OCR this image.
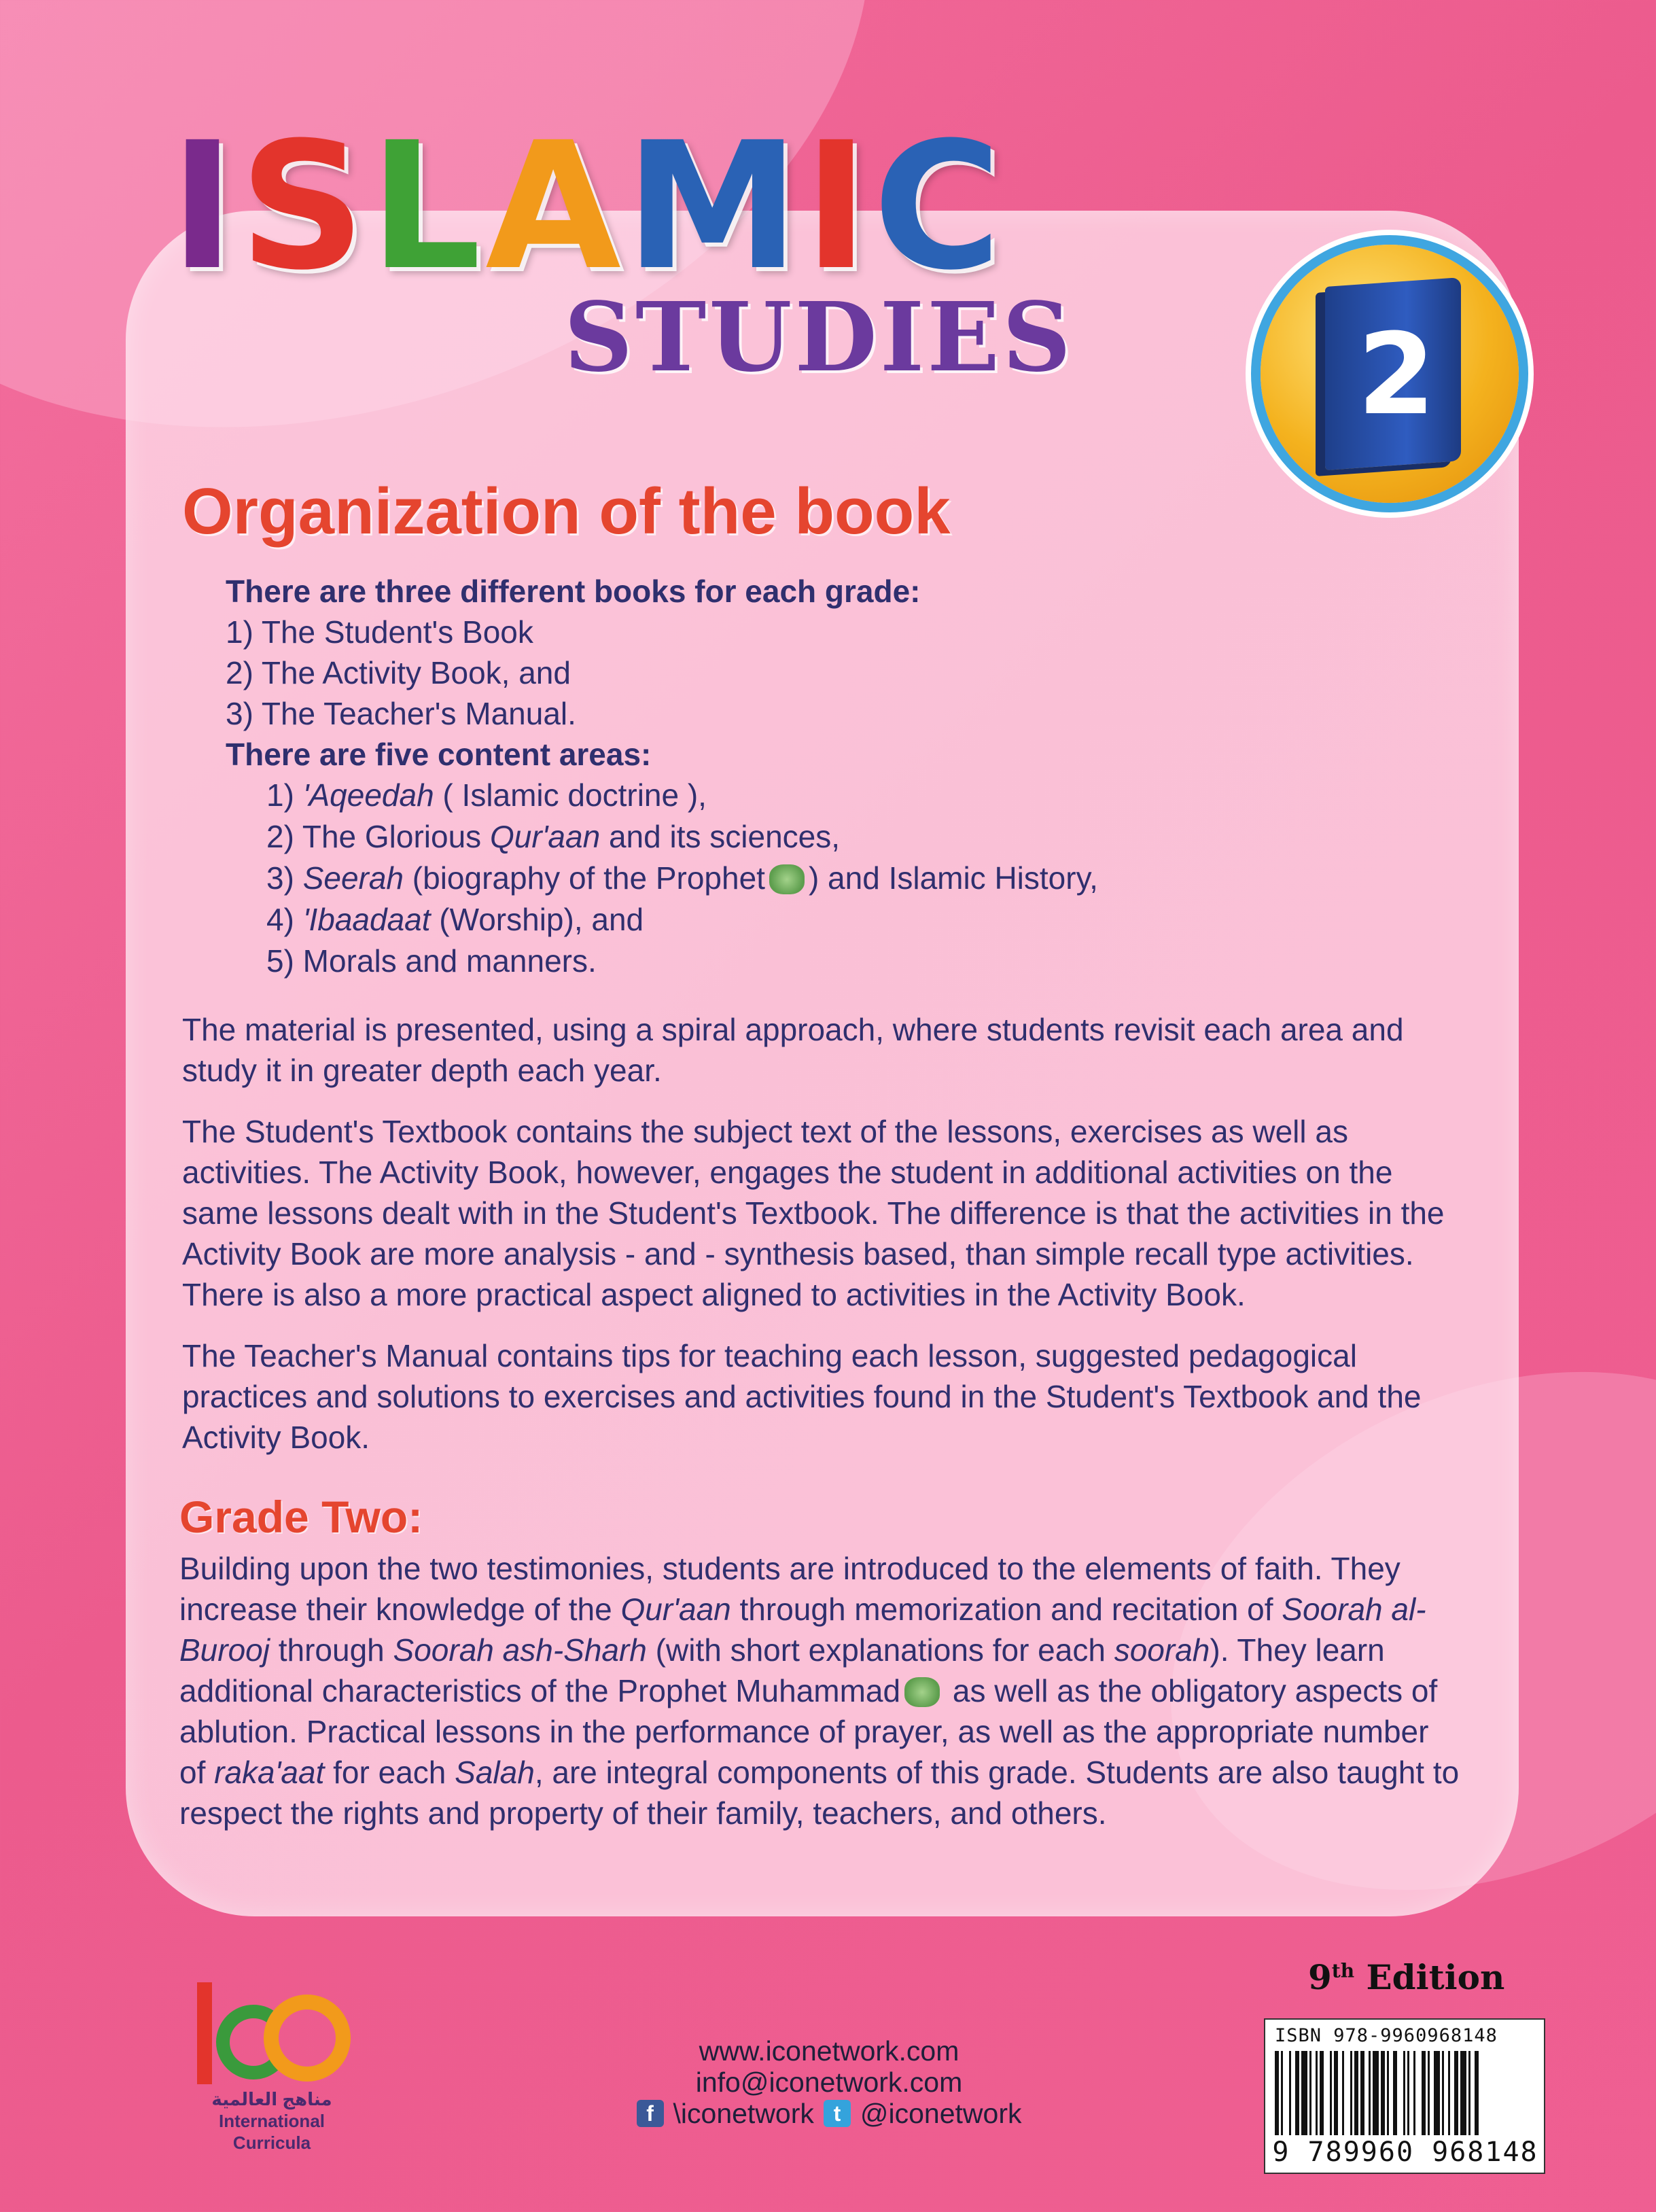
ISLAMIC
STUDIES	2
Organization of the book
There are three different books for each grade:
1) The Student's Book
2) The Activity Book, and
3) The Teacher's Manual.
There are five content areas:
1) 'Aqeedah ( Islamic doctrine ),
2) The Glorious Qur'aan and its sciences,
3) Seerah (biography of the Prophet ) and Islamic History,
4) 'Ibaadaat (Worship), and
5) Morals and manners.

The material is presented, using a spiral approach, where students revisit each area and study it in greater depth each year.

The Student's Textbook contains the subject text of the lessons, exercises as well as activities. The Activity Book, however, engages the student in additional activities on the same lessons dealt with in the Student's Textbook. The difference is that the activities in the Activity Book are more analysis - and - synthesis based, than simple recall type activities. There is also a more practical aspect aligned to activities in the Activity Book.

The Teacher's Manual contains tips for teaching each lesson, suggested pedagogical practices and solutions to exercises and activities found in the Student's Textbook and the Activity Book.

Grade Two:

Building upon the two testimonies, students are introduced to the elements of faith. They increase their knowledge of the Qur'aan through memorization and recitation of Soorah al-Burooj through Soorah ash-Sharh (with short explanations for each soorah). They learn additional characteristics of the Prophet Muhammad as well as the obligatory aspects of ablution. Practical lessons in the performance of prayer, as well as the appropriate number of raka'aat for each Salah, are integral components of this grade. Students are also taught to respect the rights and property of their family, teachers, and others.

مناهج العالمية
International Curricula
www.iconetwork.com
info@iconetwork.com
f \iconetwork t @iconetwork
9th Edition
ISBN 978-9960968148
9 789960 968148
